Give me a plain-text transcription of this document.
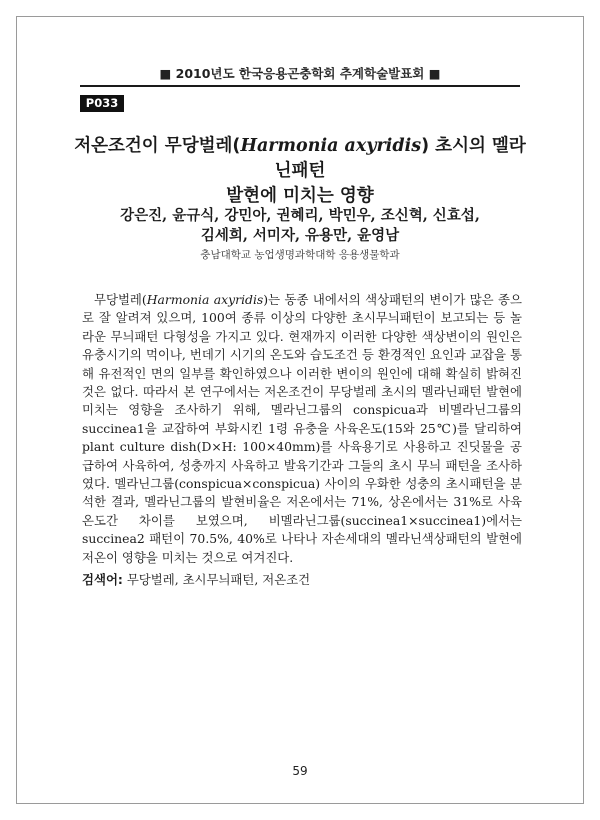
■ 2010년도 한국응용곤충학회 추계학술발표회 ■
P033
저온조건이 무당벌레(Harmonia axyridis) 초시의 멜라닌패턴
발현에 미치는 영향
강은진, 윤규식, 강민아, 권혜리, 박민우, 조신혁, 신효섭,
김세희, 서미자, 유용만, 윤영남
충남대학교 농업생명과학대학 응용생물학과
무당벌레(Harmonia axyridis)는 동종 내에서의 색상패턴의 변이가 많은 종으로 잘 알려져 있으며, 100여 종류 이상의 다양한 초시무늬패턴이 보고되는 등 놀라운 무늬패턴 다형성을 가지고 있다. 현재까지 이러한 다양한 색상변이의 원인은 유충시기의 먹이나, 번데기 시기의 온도와 습도조건 등 환경적인 요인과 교잡을 통해 유전적인 면의 일부를 확인하였으나 이러한 변이의 원인에 대해 확실히 밝혀진 것은 없다. 따라서 본 연구에서는 저온조건이 무당벌레 초시의 멜라닌패턴 발현에 미치는 영향을 조사하기 위해, 멜라닌그룹의 conspicua과 비멜라닌그룹의 succinea1을 교잡하여 부화시킨 1령 유충을 사육온도(15와 25℃)를 달리하여 plant culture dish(D×H: 100×40mm)를 사육용기로 사용하고 진딧물을 공급하여 사육하여, 성충까지 사육하고 발육기간과 그들의 초시 무늬 패턴을 조사하였다. 멜라닌그룹(conspicua×conspicua) 사이의 우화한 성충의 초시패턴을 분석한 결과, 멜라닌그룹의 발현비율은 저온에서는 71%, 상온에서는 31%로 사육온도간 차이를 보였으며, 비멜라닌그룹(succinea1×succinea1)에서는 succinea2 패턴이 70.5%, 40%로 나타나 자손세대의 멜라닌색상패턴의 발현에 저온이 영향을 미치는 것으로 여겨진다.
검색어: 무당벌레, 초시무늬패턴, 저온조건
59
